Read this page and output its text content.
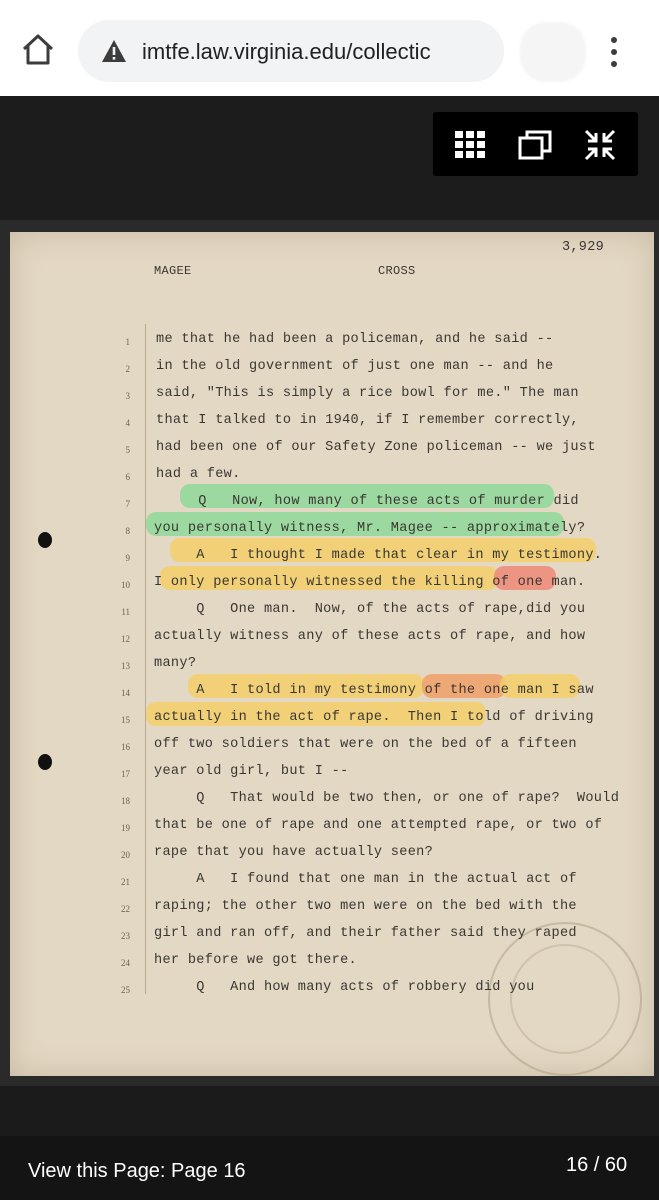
imtfe.law.virginia.edu/collectic
3,929
MAGEE	CROSS
1 me that he had been a policeman, and he said --
2 in the old government of just one man -- and he
3 said, "This is simply a rice bowl for me." The man
4 that I talked to in 1940, if I remember correctly,
5 had been one of our Safety Zone policeman -- we just
6 had a few.
7 Q   Now, how many of these acts of murder did
8 you personally witness, Mr. Magee -- approximately?
9 A   I thought I made that clear in my testimony.
10 I only personally witnessed the killing of one man.
11 Q   One man.  Now, of the acts of rape,did you
12 actually witness any of these acts of rape, and how
13 many?
14 A   I told in my testimony of the one man I saw
15 actually in the act of rape.  Then I told of driving
16 off two soldiers that were on the bed of a fifteen
17 year old girl, but I --
18 Q   That would be two then, or one of rape?  Would
19 that be one of rape and one attempted rape, or two of
20 rape that you have actually seen?
21 A   I found that one man in the actual act of
22 raping; the other two men were on the bed with the
23 girl and ran off, and their father said they raped
24 her before we got there.
25 Q   And how many acts of robbery did you
View this Page: Page 16	16 / 60
